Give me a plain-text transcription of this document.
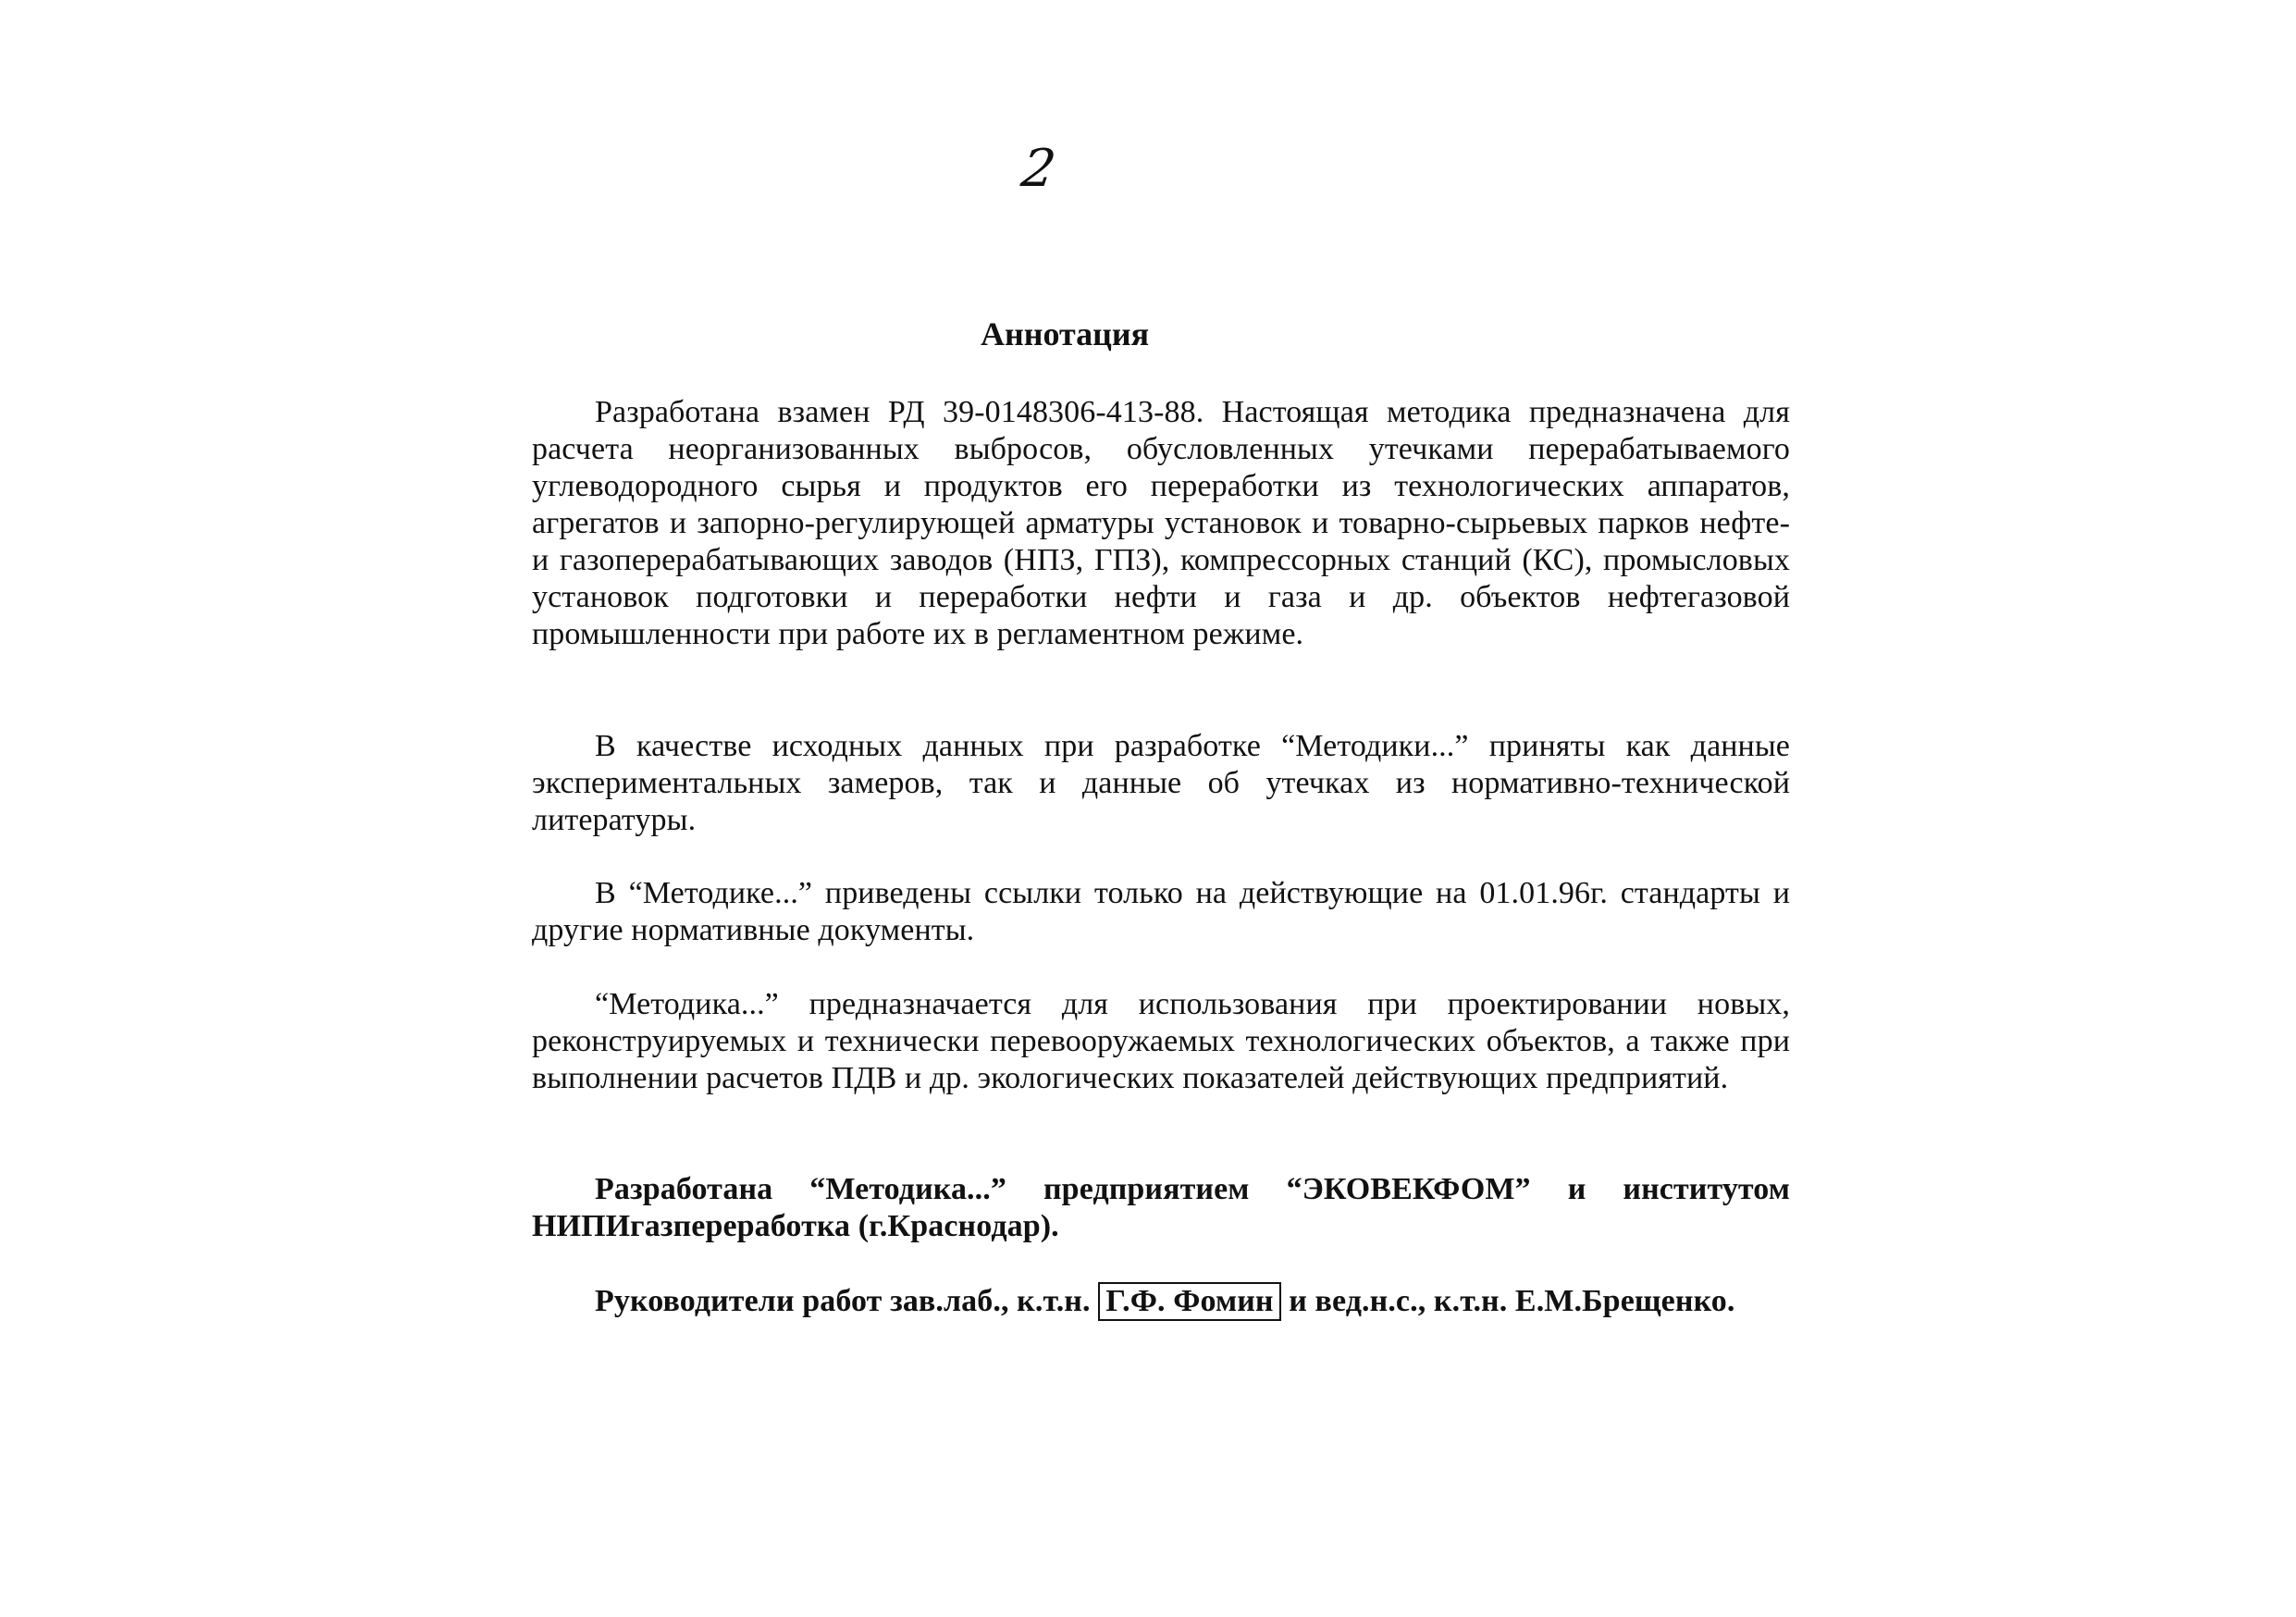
2
Аннотация
Разработана взамен РД 39-0148306-413-88. Настоящая методика предназначена для расчета неорганизованных выбросов, обусловленных утечками перерабатываемого углеводородного сырья и продуктов его переработки из технологических аппаратов, агрегатов и запорно-регулирующей арматуры установок и товарно-сырьевых парков нефте- и газоперерабатывающих заводов (НПЗ, ГПЗ), компрессорных станций (КС), промысловых установок подготовки и переработки нефти и газа и др. объектов нефтегазовой промышленности при работе их в регламентном режиме.
В качестве исходных данных при разработке “Методики...” приняты как данные экспериментальных замеров, так и данные об утечках из нормативно-технической литературы.
В “Методике...” приведены ссылки только на действующие на 01.01.96г. стандарты и другие нормативные документы.
“Методика...” предназначается для использования при проектировании новых, реконструируемых и технически перевооружаемых технологических объектов, а также при выполнении расчетов ПДВ и др. экологических показателей действующих предприятий.
Разработана “Методика...” предприятием “ЭКОВЕКФОМ” и институтом НИПИгазпереработка (г.Краснодар).
Руководители работ зав.лаб., к.т.н. Г.Ф. Фомин и вед.н.с., к.т.н. Е.М.Брещенко.
